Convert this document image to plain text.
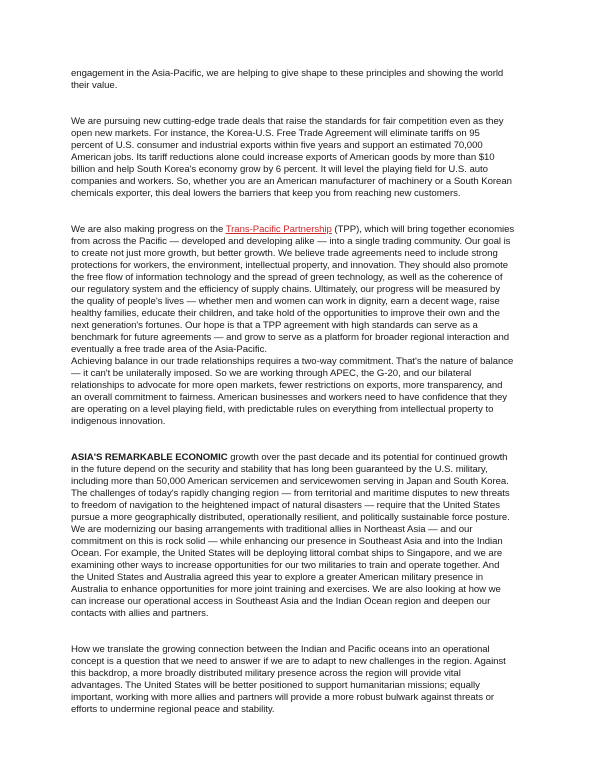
engagement in the Asia-Pacific, we are helping to give shape to these principles and showing the world
their value.

We are pursuing new cutting-edge trade deals that raise the standards for fair competition even as they
open new markets. For instance, the Korea-U.S. Free Trade Agreement will eliminate tariffs on 95
percent of U.S. consumer and industrial exports within five years and support an estimated 70,000
American jobs. Its tariff reductions alone could increase exports of American goods by more than $10
billion and help South Korea's economy grow by 6 percent. It will level the playing field for U.S. auto
companies and workers. So, whether you are an American manufacturer of machinery or a South Korean
chemicals exporter, this deal lowers the barriers that keep you from reaching new customers.

We are also making progress on the Trans-Pacific Partnership (TPP), which will bring together economies
from across the Pacific — developed and developing alike — into a single trading community. Our goal is
to create not just more growth, but better growth. We believe trade agreements need to include strong
protections for workers, the environment, intellectual property, and innovation. They should also promote
the free flow of information technology and the spread of green technology, as well as the coherence of
our regulatory system and the efficiency of supply chains. Ultimately, our progress will be measured by
the quality of people's lives — whether men and women can work in dignity, earn a decent wage, raise
healthy families, educate their children, and take hold of the opportunities to improve their own and the
next generation's fortunes. Our hope is that a TPP agreement with high standards can serve as a
benchmark for future agreements — and grow to serve as a platform for broader regional interaction and
eventually a free trade area of the Asia-Pacific.

Achieving balance in our trade relationships requires a two-way commitment. That's the nature of balance
— it can't be unilaterally imposed. So we are working through APEC, the G-20, and our bilateral
relationships to advocate for more open markets, fewer restrictions on exports, more transparency, and
an overall commitment to fairness. American businesses and workers need to have confidence that they
are operating on a level playing field, with predictable rules on everything from intellectual property to
indigenous innovation.

ASIA'S REMARKABLE ECONOMIC growth over the past decade and its potential for continued growth
in the future depend on the security and stability that has long been guaranteed by the U.S. military,
including more than 50,000 American servicemen and servicewomen serving in Japan and South Korea.
The challenges of today's rapidly changing region — from territorial and maritime disputes to new threats
to freedom of navigation to the heightened impact of natural disasters — require that the United States
pursue a more geographically distributed, operationally resilient, and politically sustainable force posture.
We are modernizing our basing arrangements with traditional allies in Northeast Asia — and our
commitment on this is rock solid — while enhancing our presence in Southeast Asia and into the Indian
Ocean. For example, the United States will be deploying littoral combat ships to Singapore, and we are
examining other ways to increase opportunities for our two militaries to train and operate together. And
the United States and Australia agreed this year to explore a greater American military presence in
Australia to enhance opportunities for more joint training and exercises. We are also looking at how we
can increase our operational access in Southeast Asia and the Indian Ocean region and deepen our
contacts with allies and partners.

How we translate the growing connection between the Indian and Pacific oceans into an operational
concept is a question that we need to answer if we are to adapt to new challenges in the region. Against
this backdrop, a more broadly distributed military presence across the region will provide vital
advantages. The United States will be better positioned to support humanitarian missions; equally
important, working with more allies and partners will provide a more robust bulwark against threats or
efforts to undermine regional peace and stability.
